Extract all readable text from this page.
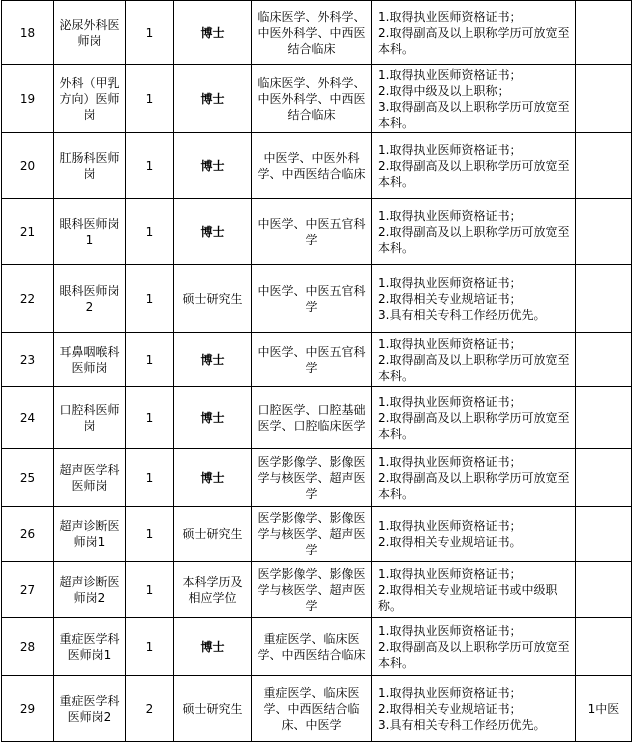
18	泌尿外科医师岗	1	博士	临床医学、外科学、中医外科学、中西医结合临床	1.取得执业医师资格证书；
2.取得副高及以上职称学历可放宽至本科。	

19	外科（甲乳方向）医师岗	1	博士	临床医学、外科学、中医外科学、中西医结合临床	1.取得执业医师资格证书；
2.取得中级及以上职称；
3.取得副高及以上职称学历可放宽至本科。	

20	肛肠科医师岗	1	博士	中医学、中医外科学、中西医结合临床	1.取得执业医师资格证书；
2.取得副高及以上职称学历可放宽至本科。	

21	眼科医师岗1	1	博士	中医学、中医五官科学	1.取得执业医师资格证书；
2.取得副高及以上职称学历可放宽至本科。	

22	眼科医师岗2	1	硕士研究生	中医学、中医五官科学	1.取得执业医师资格证书；
2.取得相关专业规培证书；
3.具有相关专科工作经历优先。	

23	耳鼻咽喉科医师岗	1	博士	中医学、中医五官科学	1.取得执业医师资格证书；
2.取得副高及以上职称学历可放宽至本科。	

24	口腔科医师岗	1	博士	口腔医学、口腔基础医学、口腔临床医学	1.取得执业医师资格证书；
2.取得副高及以上职称学历可放宽至本科。	

25	超声医学科医师岗	1	博士	医学影像学、影像医学与核医学、超声医学	1.取得执业医师资格证书；
2.取得副高及以上职称学历可放宽至本科。	

26	超声诊断医师岗1	1	硕士研究生	医学影像学、影像医学与核医学、超声医学	1.取得执业医师资格证书；
2.取得相关专业规培证书。	

27	超声诊断医师岗2	1	本科学历及相应学位	医学影像学、影像医学与核医学、超声医学	1.取得执业医师资格证书；
2.取得相关专业规培证书或中级职称。	

28	重症医学科医师岗1	1	博士	重症医学、临床医学、中西医结合临床	1.取得执业医师资格证书；
2.取得副高及以上职称学历可放宽至本科。	

29	重症医学科医师岗2	2	硕士研究生	重症医学、临床医学、中西医结合临床、中医学	1.取得执业医师资格证书；
2.取得相关专业规培证书；
3.具有相关专科工作经历优先。	1中医
